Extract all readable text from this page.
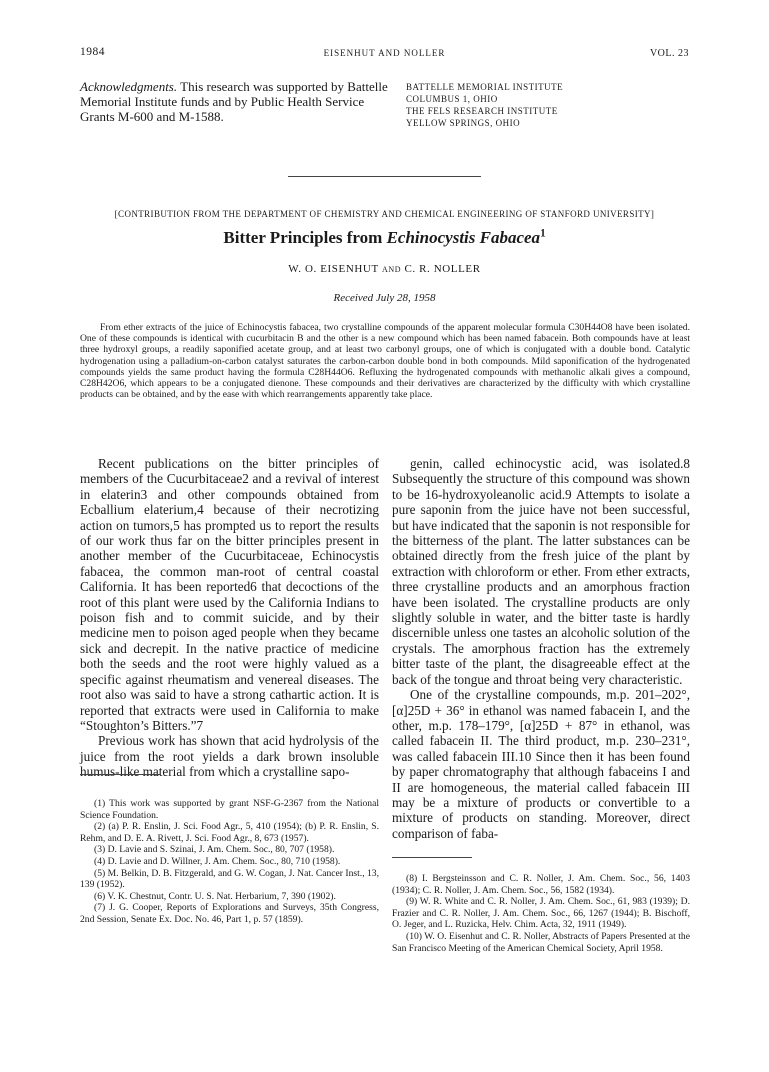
1984	EISENHUT AND NOLLER	VOL. 23
Acknowledgments. This research was supported by Battelle Memorial Institute funds and by Public Health Service Grants M-600 and M-1588.
BATTELLE MEMORIAL INSTITUTE
COLUMBUS 1, OHIO
THE FELS RESEARCH INSTITUTE
YELLOW SPRINGS, OHIO
[CONTRIBUTION FROM THE DEPARTMENT OF CHEMISTRY AND CHEMICAL ENGINEERING OF STANFORD UNIVERSITY]
Bitter Principles from Echinocystis Fabacea$^1$
W. O. EISENHUT AND C. R. NOLLER
Received July 28, 1958

From ether extracts of the juice of Echinocystis fabacea, two crystalline compounds of the apparent molecular formula C30H44O8 have been isolated. One of these compounds is identical with cucurbitacin B and the other is a new compound which has been named fabacein. Both compounds have at least three hydroxyl groups, a readily saponified acetate group, and at least two carbonyl groups, one of which is conjugated with a double bond. Catalytic hydrogenation using a palladium-on-carbon catalyst saturates the carbon-carbon double bond in both compounds. Mild saponification of the hydrogenated compounds yields the same product having the formula C28H44O6. Refluxing the hydrogenated compounds with methanolic alkali gives a compound, C28H42O6, which appears to be a conjugated dienone. These compounds and their derivatives are characterized by the difficulty with which crystalline products can be obtained, and by the ease with which rearrangements apparently take place.

Recent publications on the bitter principles of members of the Cucurbitaceae2 and a revival of interest in elaterin3 and other compounds obtained from Ecballium elaterium,4 because of their necrotizing action on tumors,5 has prompted us to report the results of our work thus far on the bitter principles present in another member of the Cucurbitaceae, Echinocystis fabacea, the common man-root of central coastal California. It has been reported6 that decoctions of the root of this plant were used by the California Indians to poison fish and to commit suicide, and by their medicine men to poison aged people when they became sick and decrepit. In the native practice of medicine both the seeds and the root were highly valued as a specific against rheumatism and venereal diseases. The root also was said to have a strong cathartic action. It is reported that extracts were used in California to make “Stoughton’s Bitters.”7

Previous work has shown that acid hydrolysis of the juice from the root yields a dark brown insoluble humus-like material from which a crystalline sapo-

genin, called echinocystic acid, was isolated.8 Subsequently the structure of this compound was shown to be 16-hydroxyoleanolic acid.9 Attempts to isolate a pure saponin from the juice have not been successful, but have indicated that the saponin is not responsible for the bitterness of the plant. The latter substances can be obtained directly from the fresh juice of the plant by extraction with chloroform or ether. From ether extracts, three crystalline products and an amorphous fraction have been isolated. The crystalline products are only slightly soluble in water, and the bitter taste is hardly discernible unless one tastes an alcoholic solution of the crystals. The amorphous fraction has the extremely bitter taste of the plant, the disagreeable effect at the back of the tongue and throat being very characteristic.

One of the crystalline compounds, m.p. 201–202°, [α]25D + 36° in ethanol was named fabacein I, and the other, m.p. 178–179°, [α]25D + 87° in ethanol, was called fabacein II. The third product, m.p. 230–231°, was called fabacein III.10 Since then it has been found by paper chromatography that although fabaceins I and II are homogeneous, the material called fabacein III may be a mixture of products or convertible to a mixture of products on standing. Moreover, direct comparison of faba-

(1) This work was supported by grant NSF-G-2367 from the National Science Foundation.

(2) (a) P. R. Enslin, J. Sci. Food Agr., 5, 410 (1954); (b) P. R. Enslin, S. Rehm, and D. E. A. Rivett, J. Sci. Food Agr., 8, 673 (1957).

(3) D. Lavie and S. Szinai, J. Am. Chem. Soc., 80, 707 (1958).

(4) D. Lavie and D. Willner, J. Am. Chem. Soc., 80, 710 (1958).

(5) M. Belkin, D. B. Fitzgerald, and G. W. Cogan, J. Nat. Cancer Inst., 13, 139 (1952).

(6) V. K. Chestnut, Contr. U. S. Nat. Herbarium, 7, 390 (1902).

(7) J. G. Cooper, Reports of Explorations and Surveys, 35th Congress, 2nd Session, Senate Ex. Doc. No. 46, Part 1, p. 57 (1859).

(8) I. Bergsteinsson and C. R. Noller, J. Am. Chem. Soc., 56, 1403 (1934); C. R. Noller, J. Am. Chem. Soc., 56, 1582 (1934).

(9) W. R. White and C. R. Noller, J. Am. Chem. Soc., 61, 983 (1939); D. Frazier and C. R. Noller, J. Am. Chem. Soc., 66, 1267 (1944); B. Bischoff, O. Jeger, and L. Ruzicka, Helv. Chim. Acta, 32, 1911 (1949).

(10) W. O. Eisenhut and C. R. Noller, Abstracts of Papers Presented at the San Francisco Meeting of the American Chemical Society, April 1958.
